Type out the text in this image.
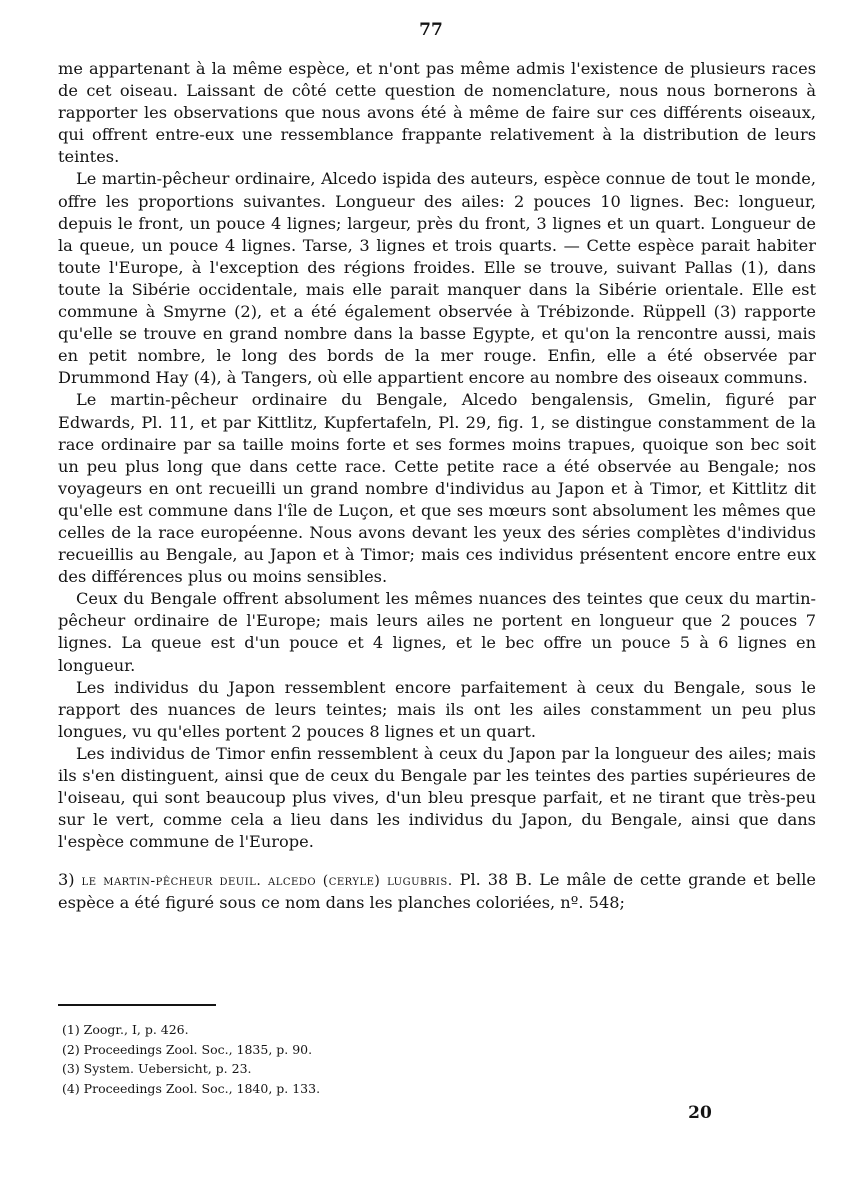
77

me appartenant à la même espèce, et n'ont pas même admis l'existence de plusieurs races de cet oiseau. Laissant de côté cette question de nomenclature, nous nous bornerons à rapporter les observations que nous avons été à même de faire sur ces différents oiseaux, qui offrent entre-eux une ressemblance frappante relativement à la distribution de leurs teintes.

Le martin-pêcheur ordinaire, Alcedo ispida des auteurs, espèce connue de tout le monde, offre les proportions suivantes. Longueur des ailes: 2 pouces 10 lignes. Bec: longueur, depuis le front, un pouce 4 lignes; largeur, près du front, 3 lignes et un quart. Longueur de la queue, un pouce 4 lignes. Tarse, 3 lignes et trois quarts. — Cette espèce parait habiter toute l'Europe, à l'exception des régions froides. Elle se trouve, suivant Pallas (1), dans toute la Sibérie occidentale, mais elle parait manquer dans la Sibérie orientale. Elle est commune à Smyrne (2), et a été également observée à Trébizonde. Rüppell (3) rapporte qu'elle se trouve en grand nombre dans la basse Egypte, et qu'on la rencontre aussi, mais en petit nombre, le long des bords de la mer rouge. Enfin, elle a été observée par Drummond Hay (4), à Tangers, où elle appartient encore au nombre des oiseaux communs.

Le martin-pêcheur ordinaire du Bengale, Alcedo bengalensis, Gmelin, figuré par Edwards, Pl. 11, et par Kittlitz, Kupfertafeln, Pl. 29, fig. 1, se distingue constamment de la race ordinaire par sa taille moins forte et ses formes moins trapues, quoique son bec soit un peu plus long que dans cette race. Cette petite race a été observée au Bengale; nos voyageurs en ont recueilli un grand nombre d'individus au Japon et à Timor, et Kittlitz dit qu'elle est commune dans l'île de Luçon, et que ses mœurs sont absolument les mêmes que celles de la race européenne. Nous avons devant les yeux des séries complètes d'individus recueillis au Bengale, au Japon et à Timor; mais ces individus présentent encore entre eux des différences plus ou moins sensibles.

Ceux du Bengale offrent absolument les mêmes nuances des teintes que ceux du martin-pêcheur ordinaire de l'Europe; mais leurs ailes ne portent en longueur que 2 pouces 7 lignes. La queue est d'un pouce et 4 lignes, et le bec offre un pouce 5 à 6 lignes en longueur.

Les individus du Japon ressemblent encore parfaitement à ceux du Bengale, sous le rapport des nuances de leurs teintes; mais ils ont les ailes constamment un peu plus longues, vu qu'elles portent 2 pouces 8 lignes et un quart.

Les individus de Timor enfin ressemblent à ceux du Japon par la longueur des ailes; mais ils s'en distinguent, ainsi que de ceux du Bengale par les teintes des parties supérieures de l'oiseau, qui sont beaucoup plus vives, d'un bleu presque parfait, et ne tirant que très-peu sur le vert, comme cela a lieu dans les individus du Japon, du Bengale, ainsi que dans l'espèce commune de l'Europe.

3) le martin-pêcheur deuil. alcedo (ceryle) lugubris. Pl. 38 B. Le mâle de cette grande et belle espèce a été figuré sous ce nom dans les planches coloriées, nº. 548;

(1) Zoogr., I, p. 426.
(2) Proceedings Zool. Soc., 1835, p. 90.
(3) System. Uebersicht, p. 23.
(4) Proceedings Zool. Soc., 1840, p. 133.
20
